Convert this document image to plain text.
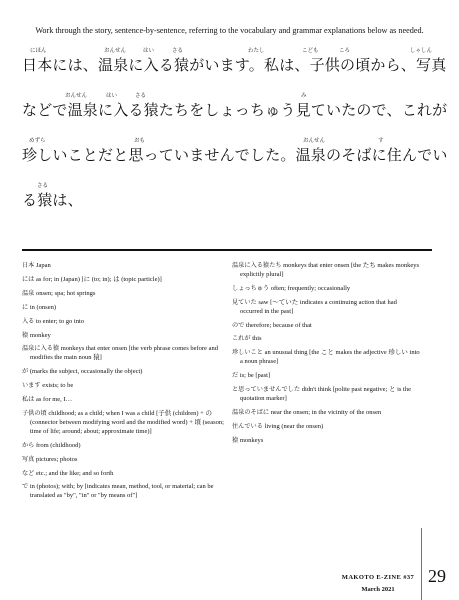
Work through the story, sentence-by-sentence, referring to the vocabulary and grammar explanations below as needed.
にほん	おんせん	はい	さる	わたし	こども	ころ	しゃしん
日本には、温泉に入る猿がいます。私は、子供の頃から、写真
おんせん	はい	さる	み
などで温泉に入る猿たちをしょっちゅう見ていたので、これが
めずら	おも	おんせん	す
珍しいことだと思っていませんでした。温泉のそばに住んでい
さる
る猿は、
日本 Japan
には as for; in (Japan) [に (to; in); は (topic particle)]
温泉 onsen; spa; hot springs
に in (onsen)
入る to enter; to go into
猿 monkey
温泉に入る猿 monkeys that enter onsen [the verb phrase comes before and modifies the main noun 猿]
が (marks the subject, occasionally the object)
います exists; to be
私は as for me, I…
子供の頃 childhood; as a child; when I was a child [子供 (children) + の (connector between modifying word and the modified word) + 頃 (season; time of life; around; about; approximate time)]
から from (childhood)
写真 pictures; photos
など etc.; and the like; and so forth
で in (photos); with; by [indicates mean, method, tool, or material; can be translated as "by", "in" or "by means of"]
温泉に入る猿たち monkeys that enter onsen [the たち makes monkeys explicitly plural]
しょっちゅう often; frequently; occasionally
見ていた saw [〜ていた indicates a continuing action that had occurred in the past]
ので therefore; because of that
これが this
珍しいこと an unusual thing [the こと makes the adjective 珍しい into a noun phrase]
だ is; be [past]
と思っていませんでした didn't think [polite past negative; と is the quotation marker]
温泉のそばに near the onsen; in the vicinity of the onsen
住んでいる living (near the onsen)
猿 monkeys
MAKOTO E-ZINE #37
March 2021
29
